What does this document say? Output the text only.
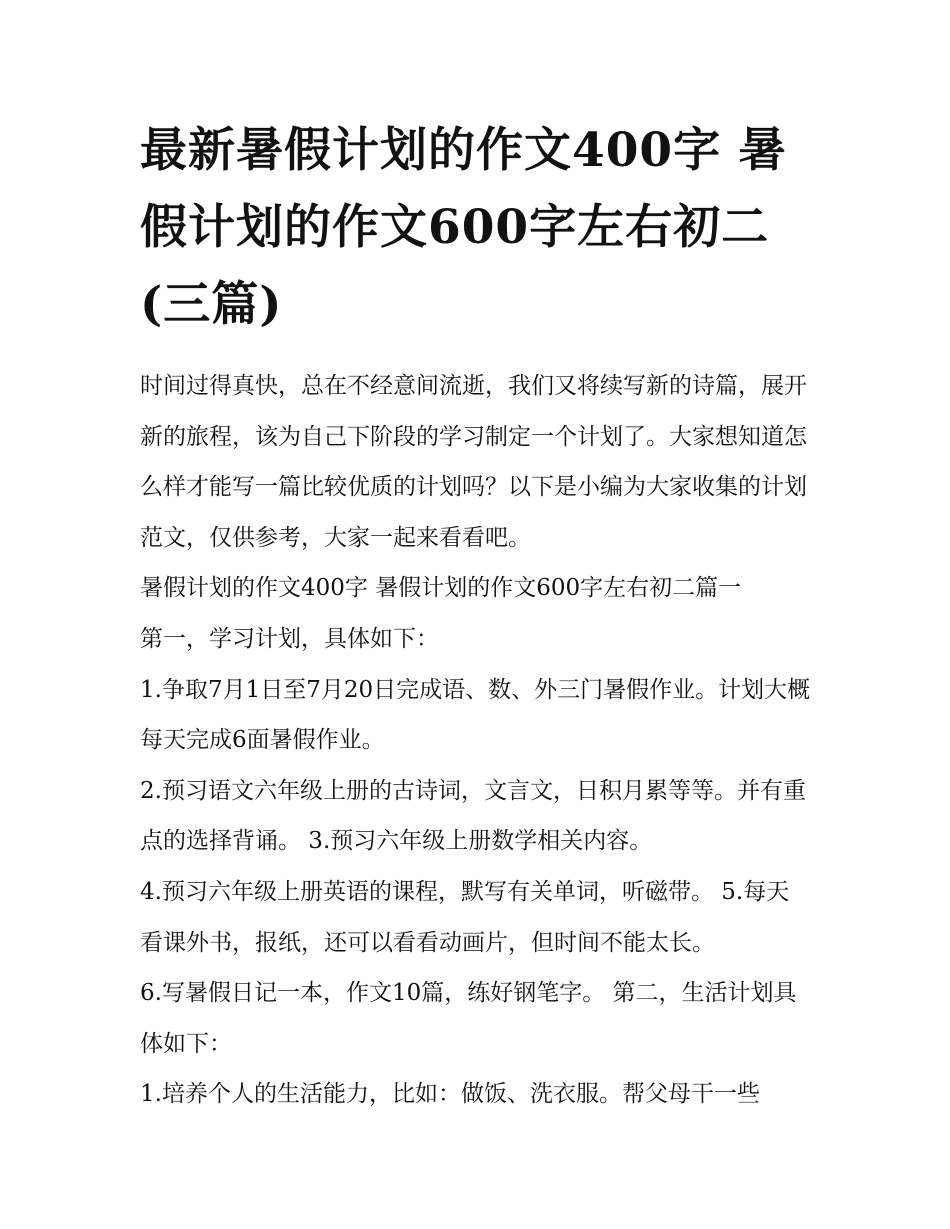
最新暑假计划的作文400字 暑假计划的作文600字左右初二(三篇)

时间过得真快，总在不经意间流逝，我们又将续写新的诗篇，展开新的旅程，该为自己下阶段的学习制定一个计划了。大家想知道怎么样才能写一篇比较优质的计划吗？以下是小编为大家收集的计划范文，仅供参考，大家一起来看看吧。

暑假计划的作文400字 暑假计划的作文600字左右初二篇一

第一，学习计划，具体如下：

1.争取7月1日至7月20日完成语、数、外三门暑假作业。计划大概每天完成6面暑假作业。

2.预习语文六年级上册的古诗词，文言文，日积月累等等。并有重点的选择背诵。 3.预习六年级上册数学相关内容。

4.预习六年级上册英语的课程，默写有关单词，听磁带。 5.每天看课外书，报纸，还可以看看动画片，但时间不能太长。

6.写暑假日记一本，作文10篇，练好钢笔字。 第二，生活计划具体如下：

1.培养个人的生活能力，比如：做饭、洗衣服。帮父母干一些
